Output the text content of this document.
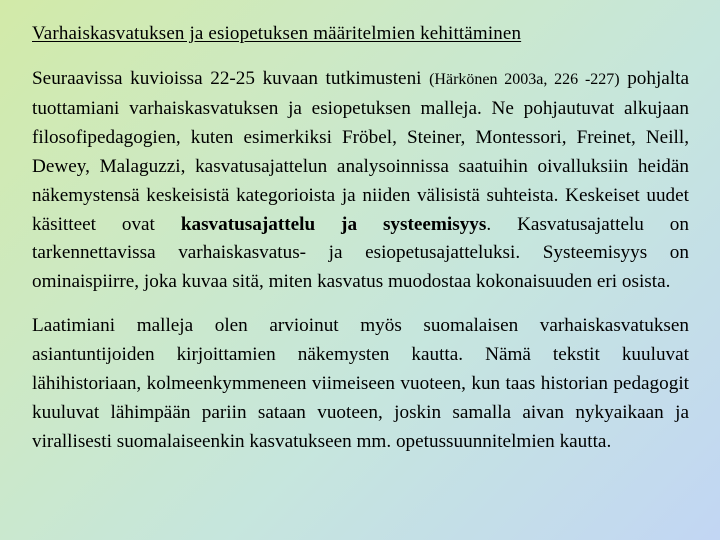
Varhaiskasvatuksen ja esiopetuksen määritelmien kehittäminen

Seuraavissa kuvioissa 22-25 kuvaan tutkimusteni (Härkönen 2003a, 226 -227) pohjalta tuottamiani varhaiskasvatuksen ja esiopetuksen malleja. Ne pohjautuvat alkujaan filosofipedagogien, kuten esimerkiksi Fröbel, Steiner, Montessori, Freinet, Neill, Dewey, Malaguzzi, kasvatusajattelun analysoinnissa saatuihin oivalluksiin heidän näkemystensä keskeisistä kategorioista ja niiden välisistä suhteista. Keskeiset uudet käsitteet ovat kasvatusajattelu ja systeemisyys. Kasvatusajattelu on tarkennettavissa varhaiskasvatus- ja esiopetusajatteluksi. Systeemisyys on ominaispiirre, joka kuvaa sitä, miten kasvatus muodostaa kokonaisuuden eri osista.

Laatimiani malleja olen arvioinut myös suomalaisen varhaiskasvatuksen asiantuntijoiden kirjoittamien näkemysten kautta. Nämä tekstit kuuluvat lähihistoriaan, kolmeenkymmeneen viimeiseen vuoteen, kun taas historian pedagogit kuuluvat lähimpään pariin sataan vuoteen, joskin samalla aivan nykyaikaan ja virallisesti suomalaiseenkin kasvatukseen mm. opetussuunnitelmien kautta.
